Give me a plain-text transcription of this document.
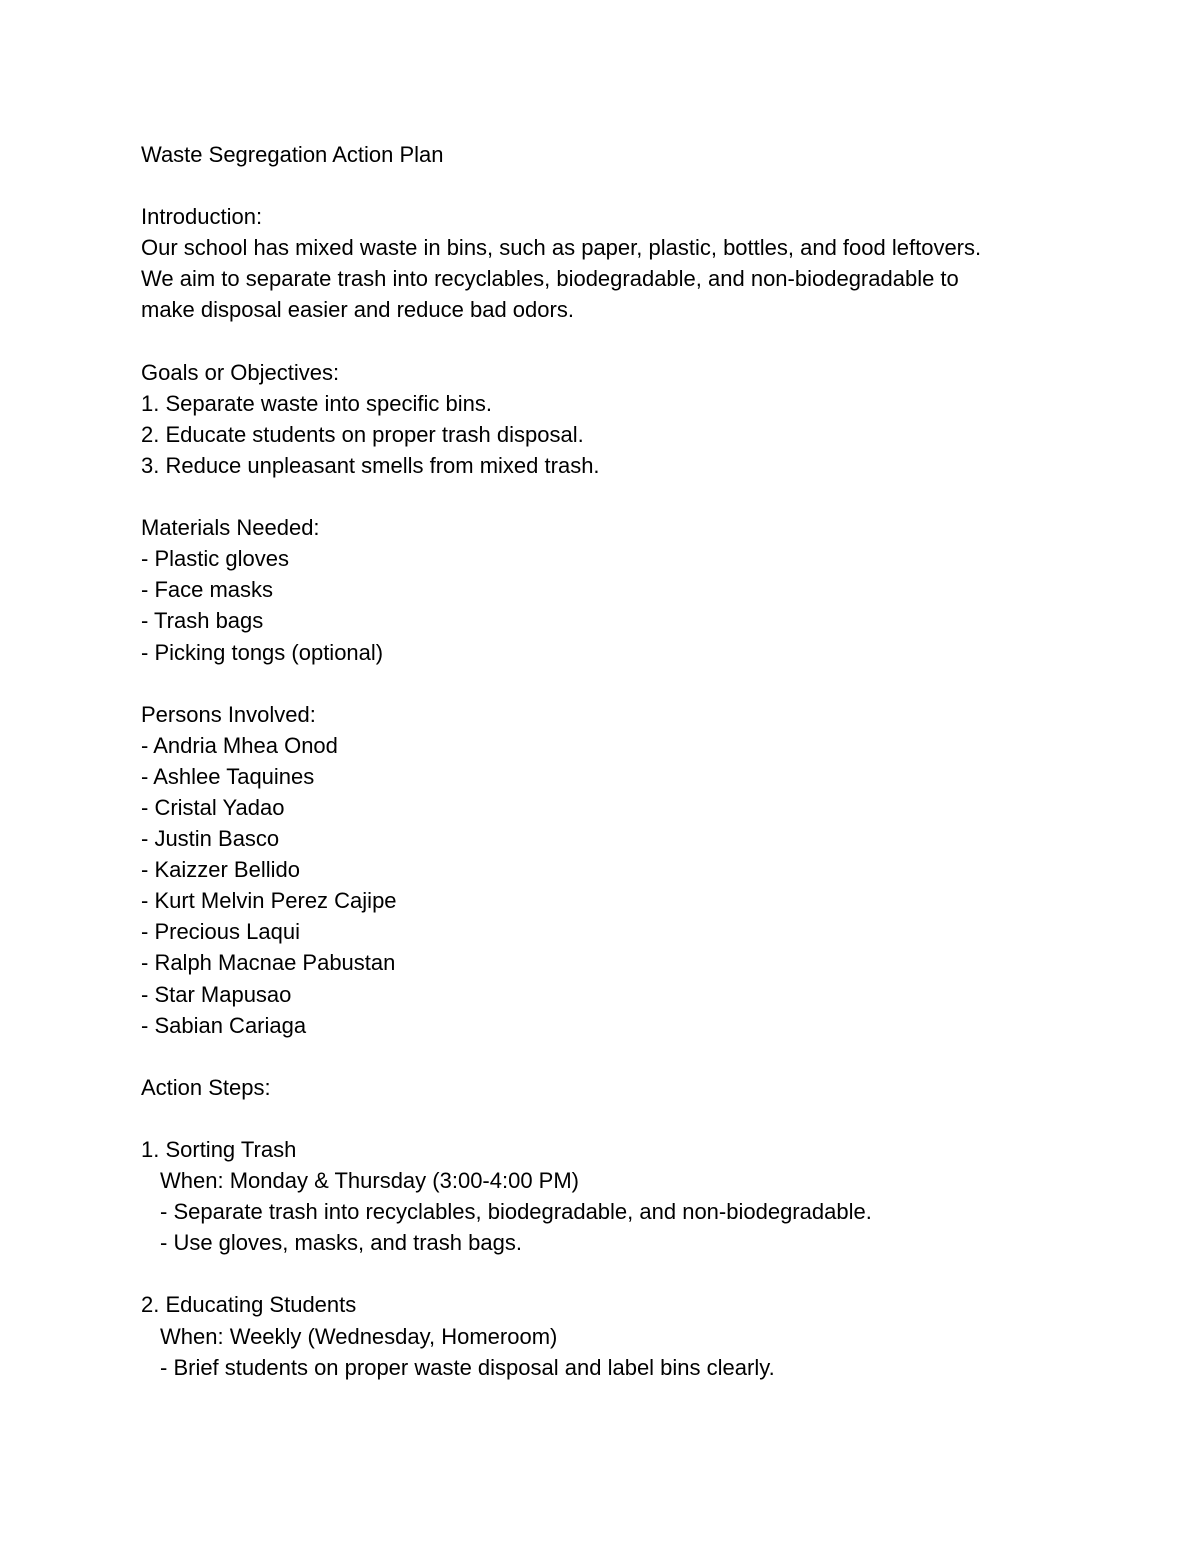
Waste Segregation Action Plan

Introduction:

Our school has mixed waste in bins, such as paper, plastic, bottles, and food leftovers.

We aim to separate trash into recyclables, biodegradable, and non-biodegradable to

make disposal easier and reduce bad odors.

Goals or Objectives:

1. Separate waste into specific bins.

2. Educate students on proper trash disposal.

3. Reduce unpleasant smells from mixed trash.

Materials Needed:

- Plastic gloves

- Face masks

- Trash bags

- Picking tongs (optional)

Persons Involved:

- Andria Mhea Onod

- Ashlee Taquines

- Cristal Yadao

- Justin Basco

- Kaizzer Bellido

- Kurt Melvin Perez Cajipe

- Precious Laqui

- Ralph Macnae Pabustan

- Star Mapusao

- Sabian Cariaga

Action Steps:

1. Sorting Trash

When: Monday & Thursday (3:00-4:00 PM)

- Separate trash into recyclables, biodegradable, and non-biodegradable.

- Use gloves, masks, and trash bags.

2. Educating Students

When: Weekly (Wednesday, Homeroom)

- Brief students on proper waste disposal and label bins clearly.
